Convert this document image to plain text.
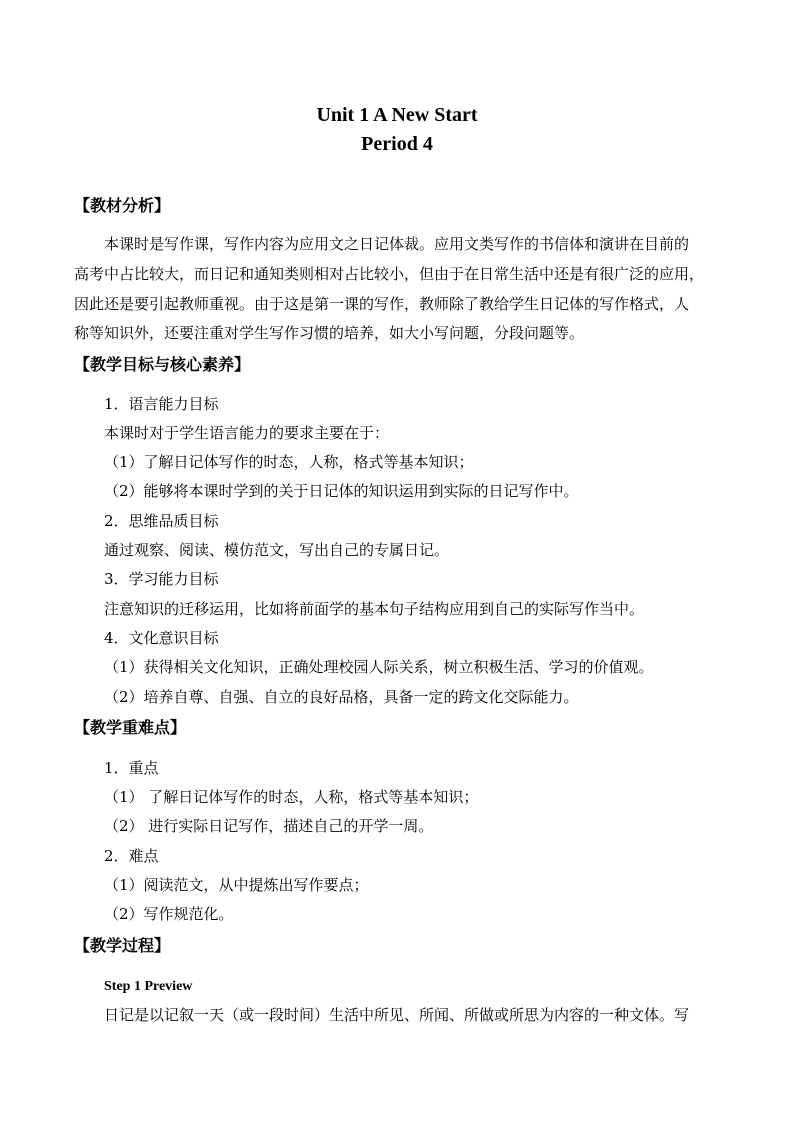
Unit 1 A New Start
Period 4
【教材分析】
本课时是写作课，写作内容为应用文之日记体裁。应用文类写作的书信体和演讲在目前的
高考中占比较大，而日记和通知类则相对占比较小，但由于在日常生活中还是有很广泛的应用，
因此还是要引起教师重视。由于这是第一课的写作，教师除了教给学生日记体的写作格式，人
称等知识外，还要注重对学生写作习惯的培养，如大小写问题，分段问题等。
【教学目标与核心素养】
1．语言能力目标
本课时对于学生语言能力的要求主要在于：
（1）了解日记体写作的时态，人称，格式等基本知识；
（2）能够将本课时学到的关于日记体的知识运用到实际的日记写作中。
2．思维品质目标
通过观察、阅读、模仿范文，写出自己的专属日记。
3．学习能力目标
注意知识的迁移运用，比如将前面学的基本句子结构应用到自己的实际写作当中。
4．文化意识目标
（1）获得相关文化知识，正确处理校园人际关系，树立积极生活、学习的价值观。
（2）培养自尊、自强、自立的良好品格，具备一定的跨文化交际能力。
【教学重难点】
1．重点
（1） 了解日记体写作的时态，人称，格式等基本知识；
（2） 进行实际日记写作，描述自己的开学一周。
2．难点
（1）阅读范文，从中提炼出写作要点；
（2）写作规范化。
【教学过程】
Step 1 Preview
日记是以记叙一天（或一段时间）生活中所见、所闻、所做或所思为内容的一种文体。写
